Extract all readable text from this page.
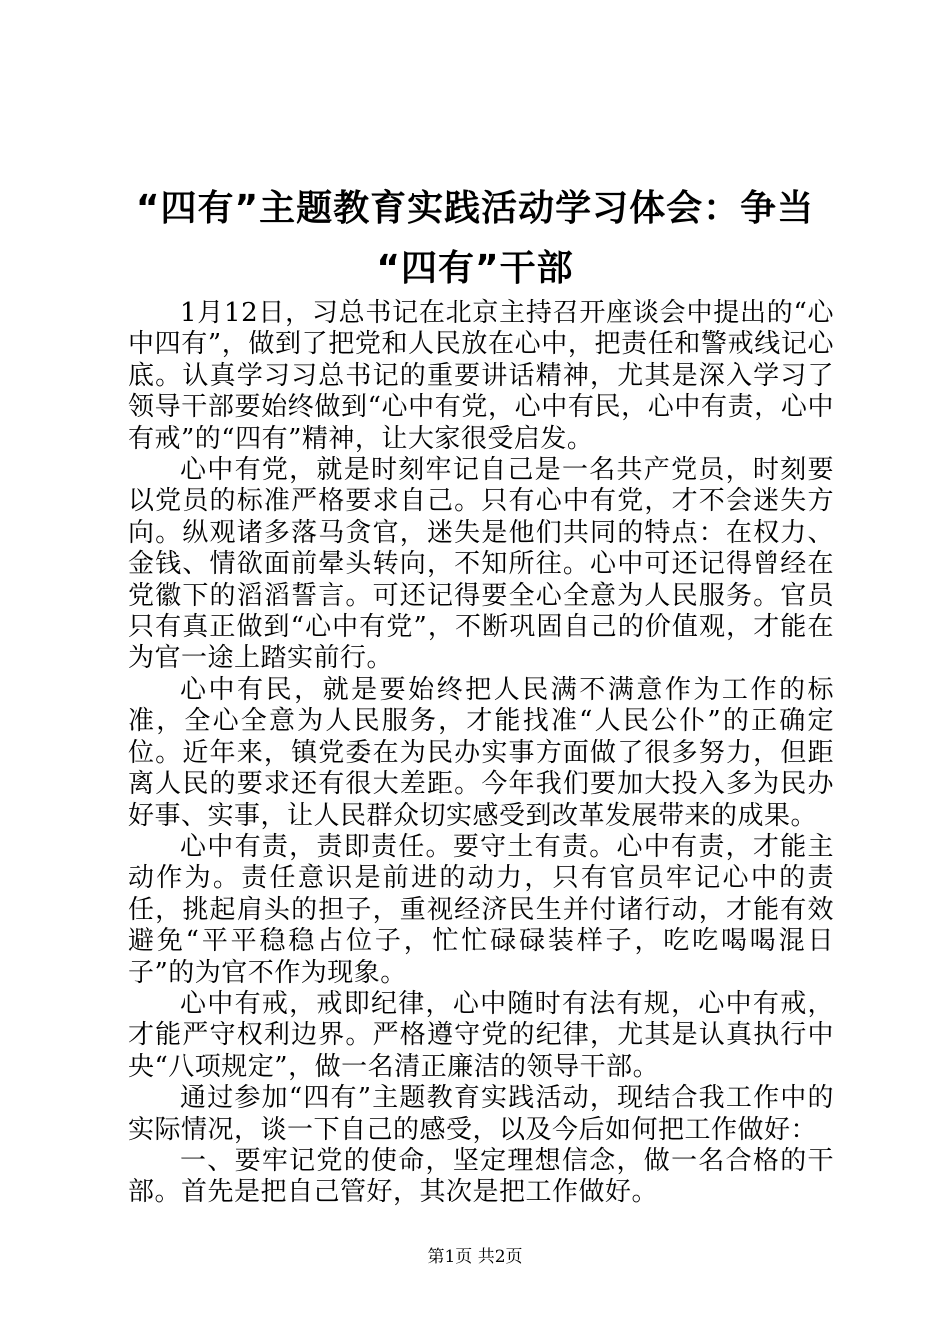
“四有”主题教育实践活动学习体会：争当
“四有”干部

1月12日，习总书记在北京主持召开座谈会中提出的“心中四有”，做到了把党和人民放在心中，把责任和警戒线记心底。认真学习习总书记的重要讲话精神，尤其是深入学习了领导干部要始终做到“心中有党，心中有民，心中有责，心中有戒”的“四有”精神，让大家很受启发。

心中有党，就是时刻牢记自己是一名共产党员，时刻要以党员的标准严格要求自己。只有心中有党，才不会迷失方向。纵观诸多落马贪官，迷失是他们共同的特点：在权力、金钱、情欲面前晕头转向，不知所往。心中可还记得曾经在党徽下的滔滔誓言。可还记得要全心全意为人民服务。官员只有真正做到“心中有党”，不断巩固自己的价值观，才能在为官一途上踏实前行。

心中有民，就是要始终把人民满不满意作为工作的标准，全心全意为人民服务，才能找准“人民公仆”的正确定位。近年来，镇党委在为民办实事方面做了很多努力，但距离人民的要求还有很大差距。今年我们要加大投入多为民办好事、实事，让人民群众切实感受到改革发展带来的成果。

心中有责，责即责任。要守土有责。心中有责，才能主动作为。责任意识是前进的动力，只有官员牢记心中的责任，挑起肩头的担子，重视经济民生并付诸行动，才能有效避免“平平稳稳占位子，忙忙碌碌装样子，吃吃喝喝混日子”的为官不作为现象。

心中有戒，戒即纪律，心中随时有法有规，心中有戒，才能严守权利边界。严格遵守党的纪律，尤其是认真执行中央“八项规定”，做一名清正廉洁的领导干部。

通过参加“四有”主题教育实践活动，现结合我工作中的实际情况，谈一下自己的感受，以及今后如何把工作做好：

一、要牢记党的使命，坚定理想信念，做一名合格的干部。首先是把自己管好，其次是把工作做好。

第1页 共2页
